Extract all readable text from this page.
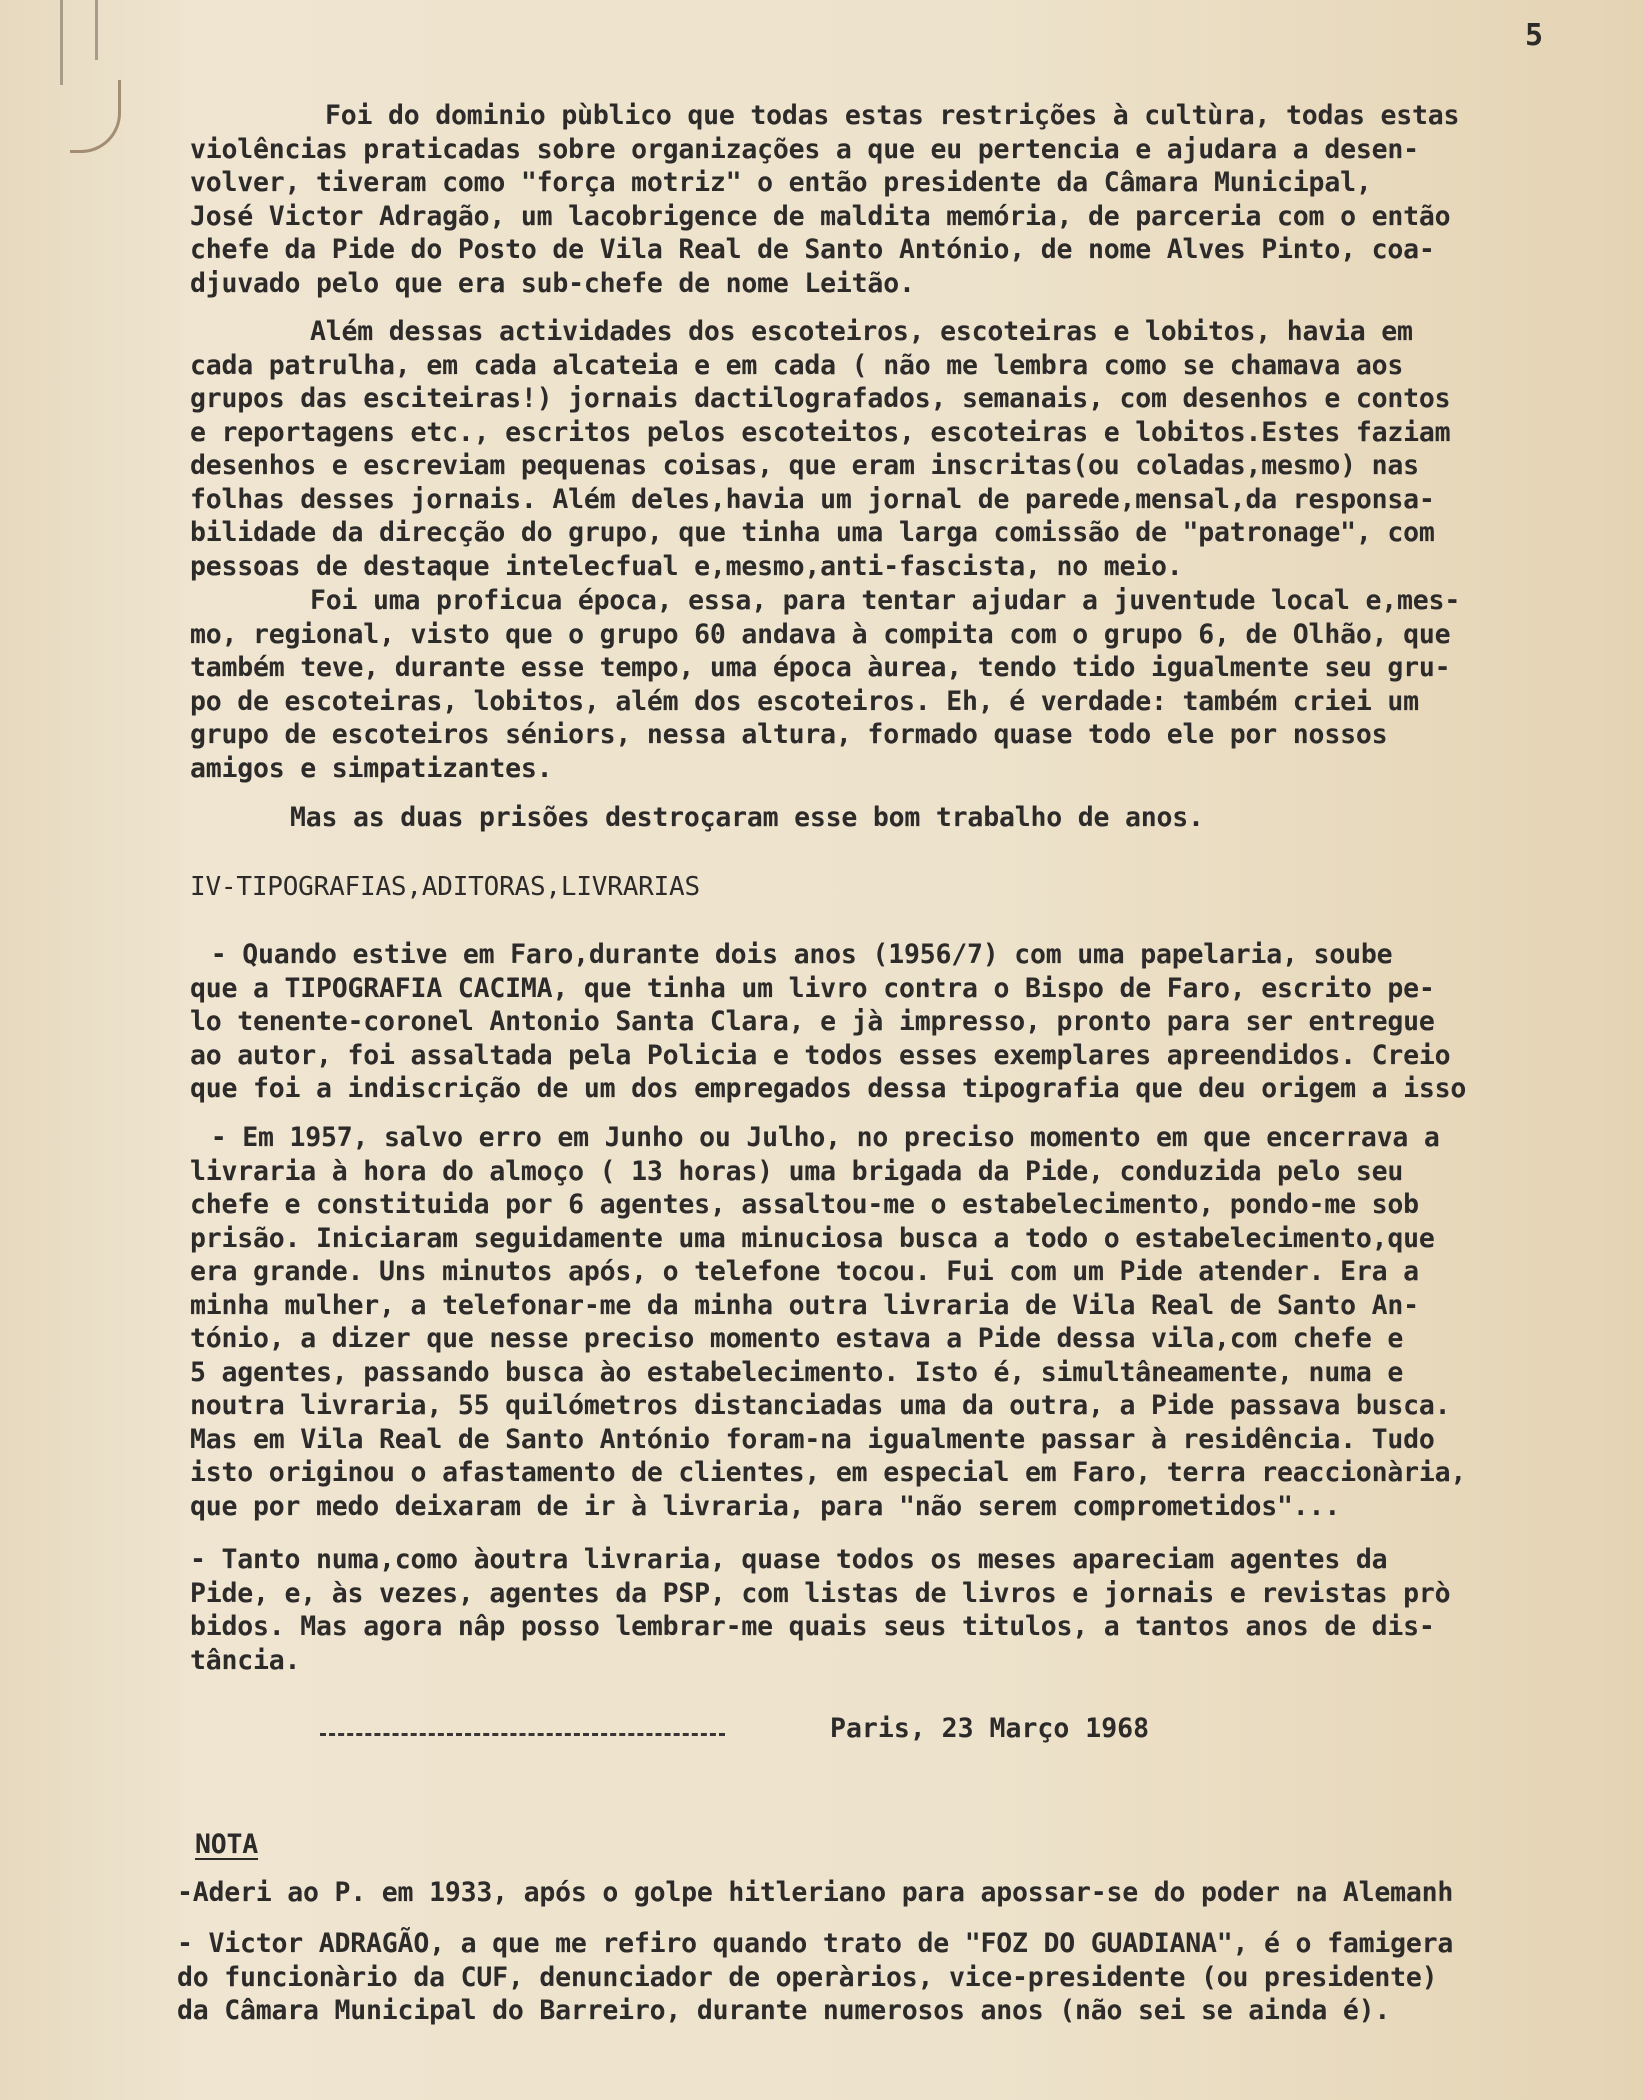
5
Foi do dominio pùblico que todas estas restrições à cultùra, todas estas
violências praticadas sobre organizações a que eu pertencia e ajudara a desen-
volver, tiveram como "força motriz" o então presidente da Câmara Municipal,
José Victor Adragão, um lacobrigence de maldita memória, de parceria com o então
chefe da Pide do Posto de Vila Real de Santo António, de nome Alves Pinto, coa-
djuvado pelo que era sub-chefe de nome Leitão.
Além dessas actividades dos escoteiros, escoteiras e lobitos, havia em
cada patrulha, em cada alcateia e em cada ( não me lembra como se chamava aos
grupos das esciteiras!) jornais dactilografados, semanais, com desenhos e contos
e reportagens etc., escritos pelos escoteitos, escoteiras e lobitos.Estes faziam
desenhos e escreviam pequenas coisas, que eram inscritas(ou coladas,mesmo) nas
folhas desses jornais. Além deles,havia um jornal de parede,mensal,da responsa-
bilidade da direcção do grupo, que tinha uma larga comissão de "patronage", com
pessoas de destaque intelecfual e,mesmo,anti-fascista, no meio.
Foi uma proficua época, essa, para tentar ajudar a juventude local e,mes-
mo, regional, visto que o grupo 60 andava à compita com o grupo 6, de Olhão, que
também teve, durante esse tempo, uma época àurea, tendo tido igualmente seu gru-
po de escoteiras, lobitos, além dos escoteiros. Eh, é verdade: também criei um
grupo de escoteiros séniors, nessa altura, formado quase todo ele por nossos
amigos e simpatizantes.
Mas as duas prisões destroçaram esse bom trabalho de anos.
IV-TIPOGRAFIAS,ADITORAS,LIVRARIAS
- Quando estive em Faro,durante dois anos (1956/7) com uma papelaria, soube
que a TIPOGRAFIA CACIMA, que tinha um livro contra o Bispo de Faro, escrito pe-
lo tenente-coronel Antonio Santa Clara, e jà impresso, pronto para ser entregue
ao autor, foi assaltada pela Policia e todos esses exemplares apreendidos. Creio
que foi a indiscrição de um dos empregados dessa tipografia que deu origem a isso
- Em 1957, salvo erro em Junho ou Julho, no preciso momento em que encerrava a
livraria à hora do almoço ( 13 horas) uma brigada da Pide, conduzida pelo seu
chefe e constituida por 6 agentes, assaltou-me o estabelecimento, pondo-me sob
prisão. Iniciaram seguidamente uma minuciosa busca a todo o estabelecimento,que
era grande. Uns minutos após, o telefone tocou. Fui com um Pide atender. Era a
minha mulher, a telefonar-me da minha outra livraria de Vila Real de Santo An-
tónio, a dizer que nesse preciso momento estava a Pide dessa vila,com chefe e
5 agentes, passando busca ào estabelecimento. Isto é, simultâneamente, numa e
noutra livraria, 55 quilómetros distanciadas uma da outra, a Pide passava busca.
Mas em Vila Real de Santo António foram-na igualmente passar à residência. Tudo
isto originou o afastamento de clientes, em especial em Faro, terra reaccionària,
que por medo deixaram de ir à livraria, para "não serem comprometidos"...
- Tanto numa,como àoutra livraria, quase todos os meses apareciam agentes da
Pide, e, às vezes, agentes da PSP, com listas de livros e jornais e revistas prò
bidos. Mas agora nâp posso lembrar-me quais seus titulos, a tantos anos de dis-
tância.
Paris, 23 Março 1968
NOTA
-Aderi ao P. em 1933, após o golpe hitleriano para apossar-se do poder na Alemanh
- Victor ADRAGÃO, a que me refiro quando trato de "FOZ DO GUADIANA", é o famigera
do funcionàrio da CUF, denunciador de operàrios, vice-presidente (ou presidente)
da Câmara Municipal do Barreiro, durante numerosos anos (não sei se ainda é).
